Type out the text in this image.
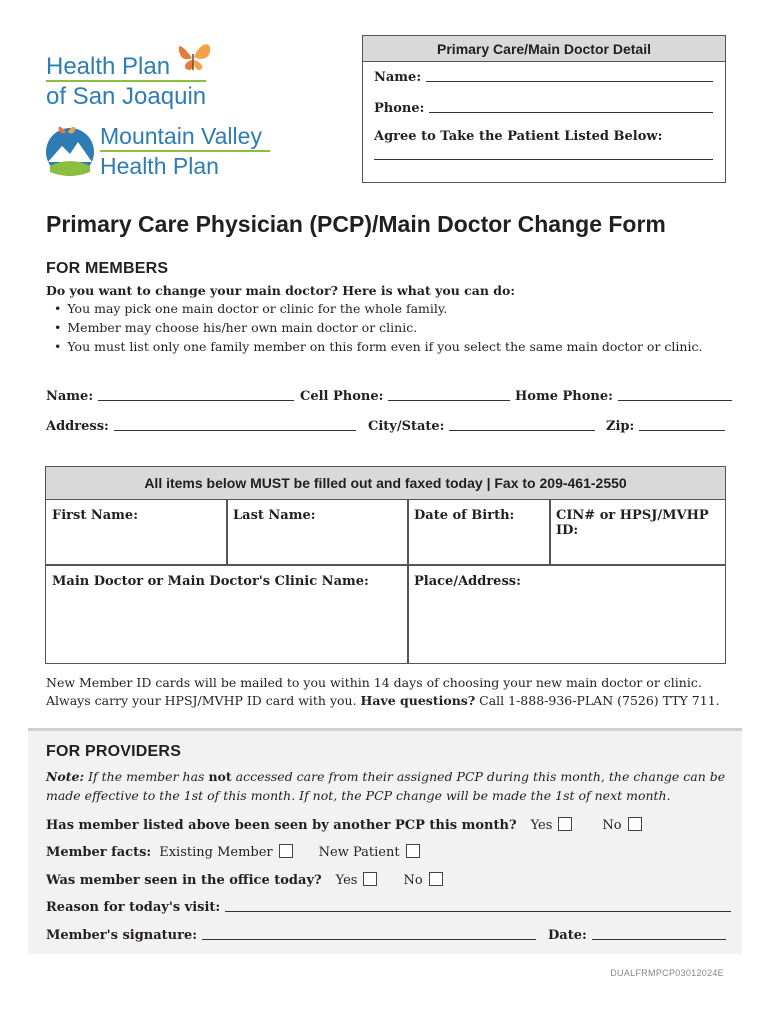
Health Plan
of San Joaquin
Mountain Valley
Health Plan
Primary Care/Main Doctor Detail
Name:
Phone:
Agree to Take the Patient Listed Below:
Primary Care Physician (PCP)/Main Doctor Change Form
FOR MEMBERS
Do you want to change your main doctor? Here is what you can do:
• You may pick one main doctor or clinic for the whole family.
• Member may choose his/her own main doctor or clinic.
• You must list only one family member on this form even if you select the same main doctor or clinic.
Name:	Cell Phone:	Home Phone:
Address:	City/State:	Zip:
All items below MUST be filled out and faxed today | Fax to 209-461-2550
First Name:	Last Name:	Date of Birth:	CIN# or HPSJ/MVHP ID:
Main Doctor or Main Doctor's Clinic Name:	Place/Address:
New Member ID cards will be mailed to you within 14 days of choosing your new main doctor or clinic.
Always carry your HPSJ/MVHP ID card with you. Have questions? Call 1-888-936-PLAN (7526) TTY 711.
FOR PROVIDERS
Note: If the member has not accessed care from their assigned PCP during this month, the change can be
made effective to the 1st of this month. If not, the PCP change will be made the 1st of next month.
Has member listed above been seen by another PCP this month? Yes	No
Member facts: Existing Member	New Patient
Was member seen in the office today? Yes	No
Reason for today's visit:
Member's signature:	Date:
DUALFRMPCP03012024E
